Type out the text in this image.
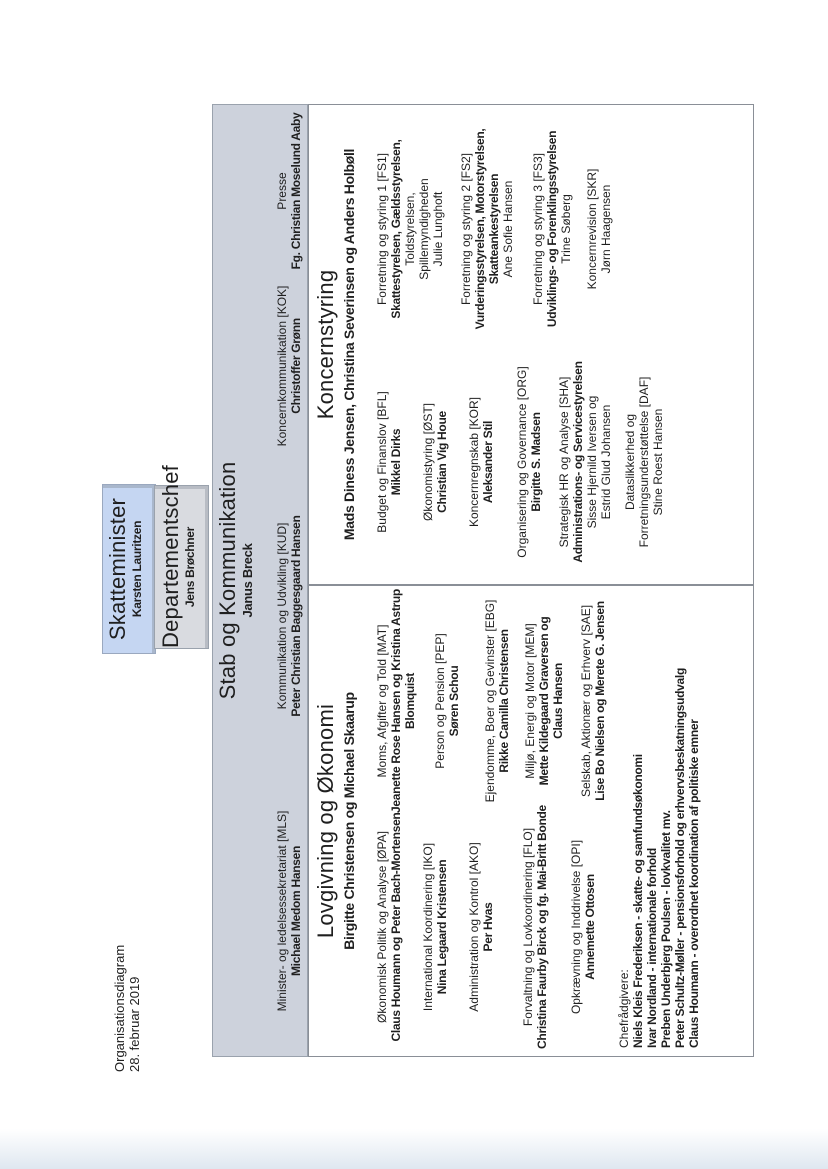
Organisationsdiagram 28. februar 2019
Skatteminister Karsten Lauritzen Departementschef Jens Brøchner Stab og Kommunikation Janus Breck
Minister- og ledelsessekretariat [MLS] Michael Medom Hansen
Kommunikation og Udvikling [KUD] Peter Christian Baggesgaard Hansen
Koncernkommunikation [KOK] Christoffer Grønn
Presse Fg. Christian Moselund Aaby
Lovgivning og Økonomi Birgitte Christensen og Michael Skaarup Økonomisk Politik og Analyse [ØPA] Claus Houmann og Peter Bach-Mortensen International Koordinering [IKO] Nina Legaard Kristensen Administration og Kontrol [AKO] Per Hvas Forvaltning og Lovkoordinering [FLO] Christina Faurby Birck og fg. Mai-Britt Bonde Opkrævning og Inddrivelse [OPI] Annemette Ottosen
Moms, Afgifter og Told [MAT] Jeanette Rose Hansen og Kristina Astrup Blomquist Person og Pension [PEP] Søren Schou Ejendomme, Boer og Gevinster [EBG] Rikke Camilla Christensen Miljø, Energi og Motor [MEM] Mette Kildegaard Graversen og Claus Hansen Selskab, Aktionær og Erhverv [SAE] Lise Bo Nielsen og Merete G. Jensen
Chefrådgivere: Niels Kleis Frederiksen - skatte- og samfundsøkonomi Ivar Nordland - internationale forhold Preben Underbjerg Poulsen - lovkvalitet mv. Peter Schultz-Møller - pensionsforhold og erhvervsbeskatningsudvalg Claus Houmann - overordnet koordination af politiske emner
Koncernstyring Mads Diness Jensen, Christina Severinsen og Anders Holbøll Budget og Finanslov [BFL] Mikkel Dirks Økonomistyring [ØST] Christian Vig Houe Koncernregnskab [KOR] Aleksander Stil Organisering og Governance [ORG] Birgitte S. Madsen Strategisk HR og Analyse [SHA] Administrations- og Servicestyrelsen Sisse Hjernild Iversen og Estrid Glud Johansen Dataslikkerhed og Forretningsunderstøttelse [DAF] Stine Roest Hansen
Forretning og styring 1 [FS1] Skattestyrelsen, Gældsstyrelsen, Toldstyrelsen, Spillemyndigheden Julie Lunghoft Forretning og styring 2 [FS2] Vurderingsstyrelsen, Motorstyrelsen, Skatteankestyrelsen Ane Sofie Hansen Forretning og styring 3 [FS3] Udviklings- og Forenklingsstyrelsen Trine Søberg Koncernrevision [SKR] Jørn Haagensen
